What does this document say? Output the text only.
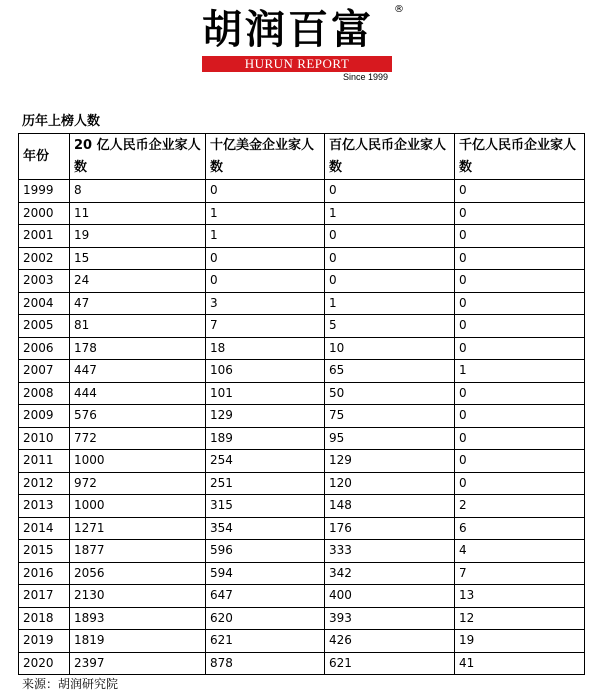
胡润百富 ®
HURUN REPORT
Since 1999
历年上榜人数
年份	20 亿人民币企业家人数	十亿美金企业家人数	百亿人民币企业家人数	千亿人民币企业家人数
1999	8	0	0	0
2000	11	1	1	0
2001	19	1	0	0
2002	15	0	0	0
2003	24	0	0	0
2004	47	3	1	0
2005	81	7	5	0
2006	178	18	10	0
2007	447	106	65	1
2008	444	101	50	0
2009	576	129	75	0
2010	772	189	95	0
2011	1000	254	129	0
2012	972	251	120	0
2013	1000	315	148	2
2014	1271	354	176	6
2015	1877	596	333	4
2016	2056	594	342	7
2017	2130	647	400	13
2018	1893	620	393	12
2019	1819	621	426	19
2020	2397	878	621	41
来源：胡润研究院
